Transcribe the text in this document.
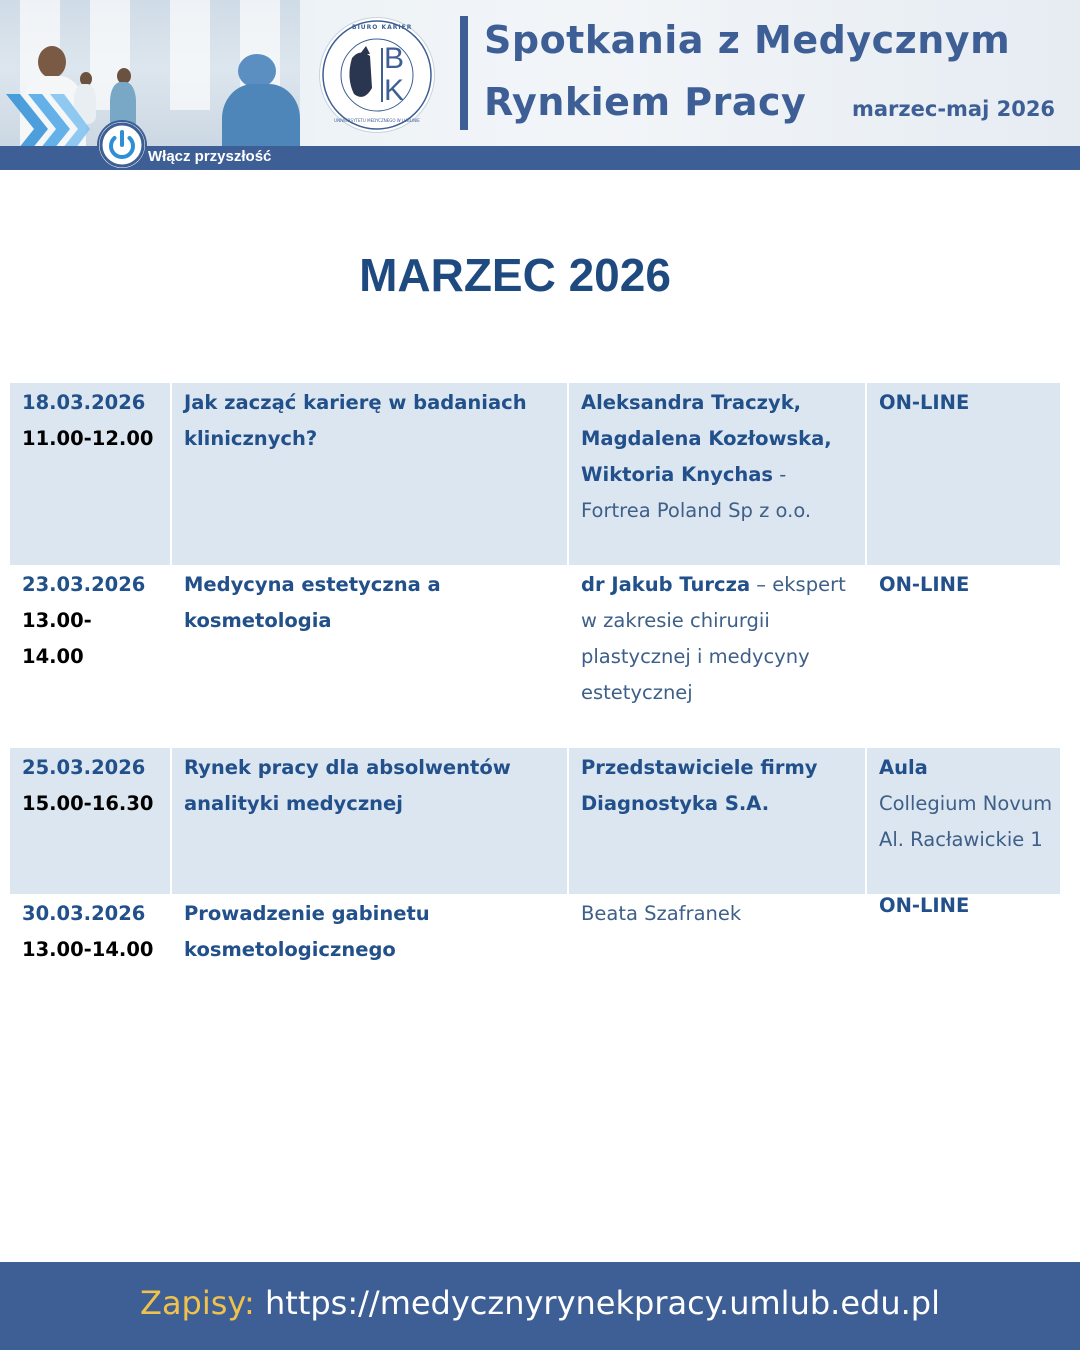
Włącz przyszłość
BIURO KARIER
UNIWERSYTETU MEDYCZNEGO W LUBLINIE
B
K
Spotkania z Medycznym
Rynkiem Pracy marzec-maj 2026
MARZEC 2026
18.03.2026
11.00-12.00
Jak zacząć karierę w badaniach klinicznych?
Aleksandra Traczyk, Magdalena Kozłowska, Wiktoria Knychas - Fortrea Poland Sp z o.o.
ON-LINE
23.03.2026
13.00- 14.00
Medycyna estetyczna a kosmetologia
dr Jakub Turcza – ekspert w zakresie chirurgii plastycznej i medycyny estetycznej
ON-LINE
25.03.2026
15.00-16.30
Rynek pracy dla absolwentów analityki medycznej
Przedstawiciele firmy Diagnostyka S.A.
Aula
Collegium Novum Al. Racławickie 1
30.03.2026
13.00-14.00
Prowadzenie gabinetu kosmetologicznego
Beata Szafranek	ON-LINE
Zapisy: https://medycznyrynekpracy.umlub.edu.pl
